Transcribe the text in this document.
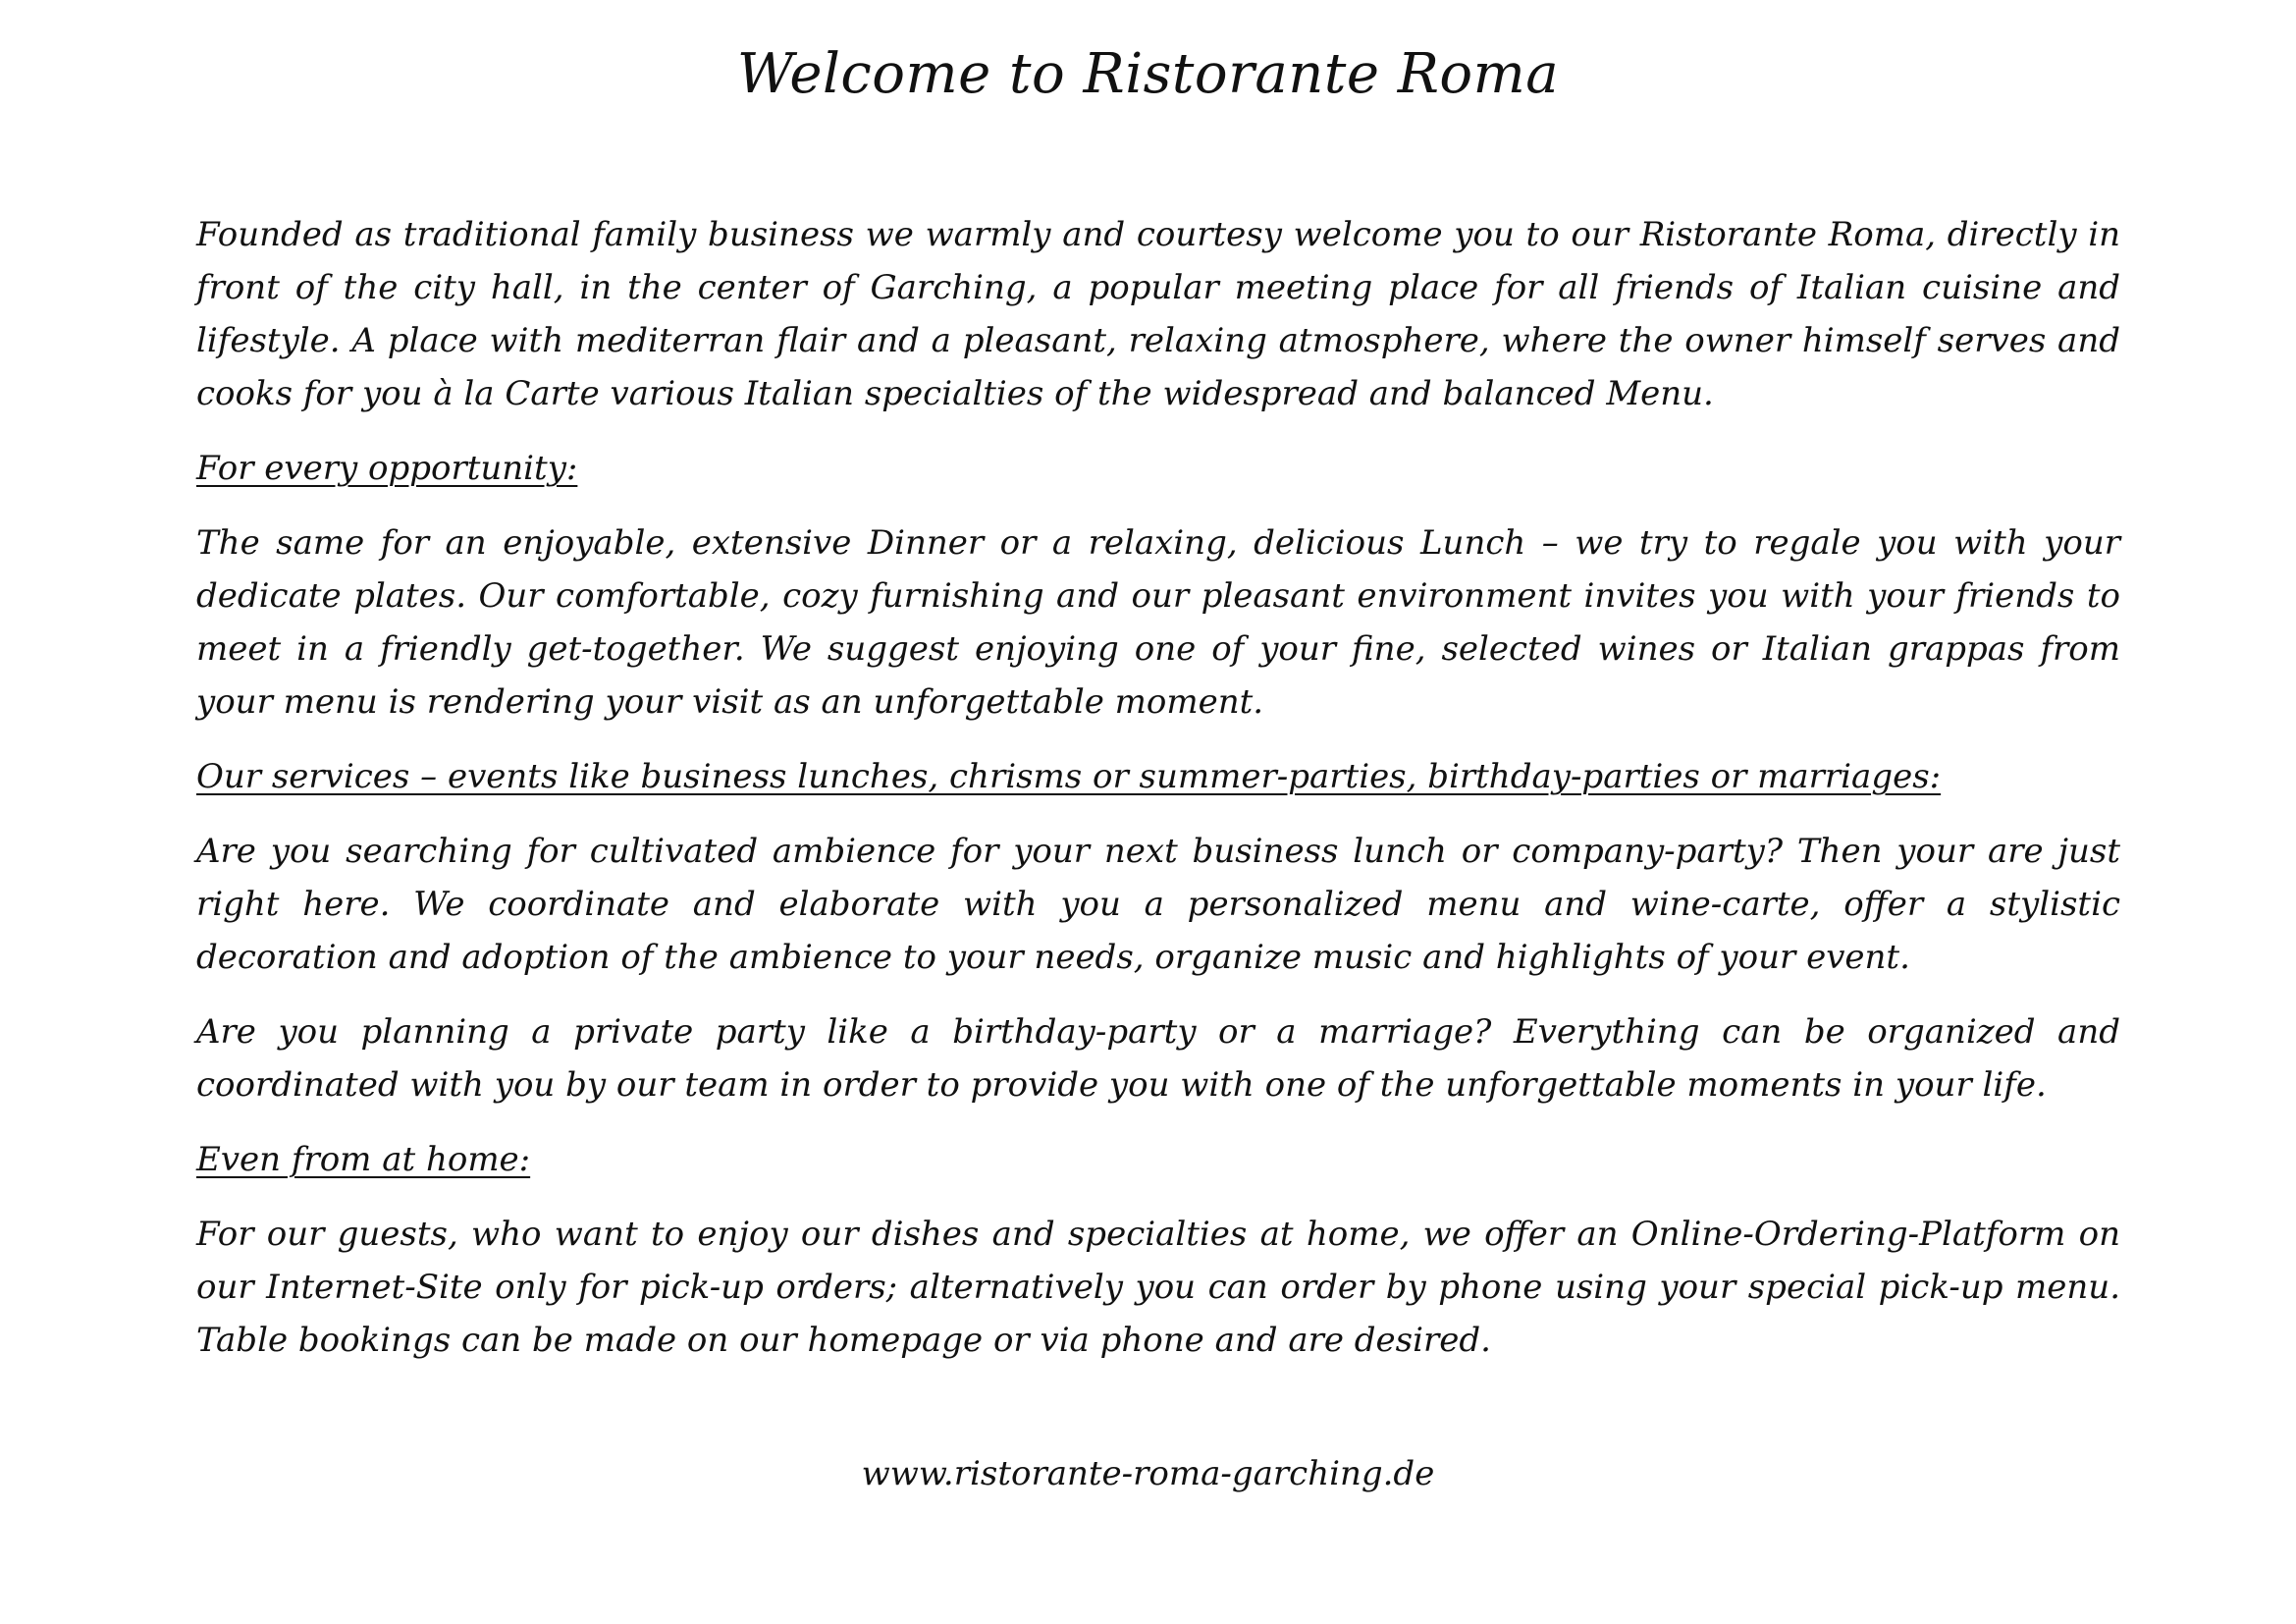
Welcome to Ristorante Roma

Founded as traditional family business we warmly and courtesy welcome you to our Ristorante Roma, directly in front of the city hall, in the center of Garching, a popular meeting place for all friends of Italian cuisine and lifestyle. A place with mediterran flair and a pleasant, relaxing atmosphere, where the owner himself serves and cooks for you à la Carte various Italian specialties of the widespread and balanced Menu.

For every opportunity:

The same for an enjoyable, extensive Dinner or a relaxing, delicious Lunch – we try to regale you with your dedicate plates. Our comfortable, cozy furnishing and our pleasant environment invites you with your friends to meet in a friendly get-together. We suggest enjoying one of your fine, selected wines or Italian grappas from your menu is rendering your visit as an unforgettable moment.

Our services – events like business lunches, chrisms or summer-parties, birthday-parties or marriages:

Are you searching for cultivated ambience for your next business lunch or company-party? Then your are just right here. We coordinate and elaborate with you a personalized menu and wine-carte, offer a stylistic decoration and adoption of the ambience to your needs, organize music and highlights of your event.

Are you planning a private party like a birthday-party or a marriage? Everything can be organized and coordinated with you by our team in order to provide you with one of the unforgettable moments in your life.

Even from at home:

For our guests, who want to enjoy our dishes and specialties at home, we offer an Online-Ordering-Platform on our Internet-Site only for pick-up orders; alternatively you can order by phone using your special pick-up menu. Table bookings can be made on our homepage or via phone and are desired.

www.ristorante-roma-garching.de
